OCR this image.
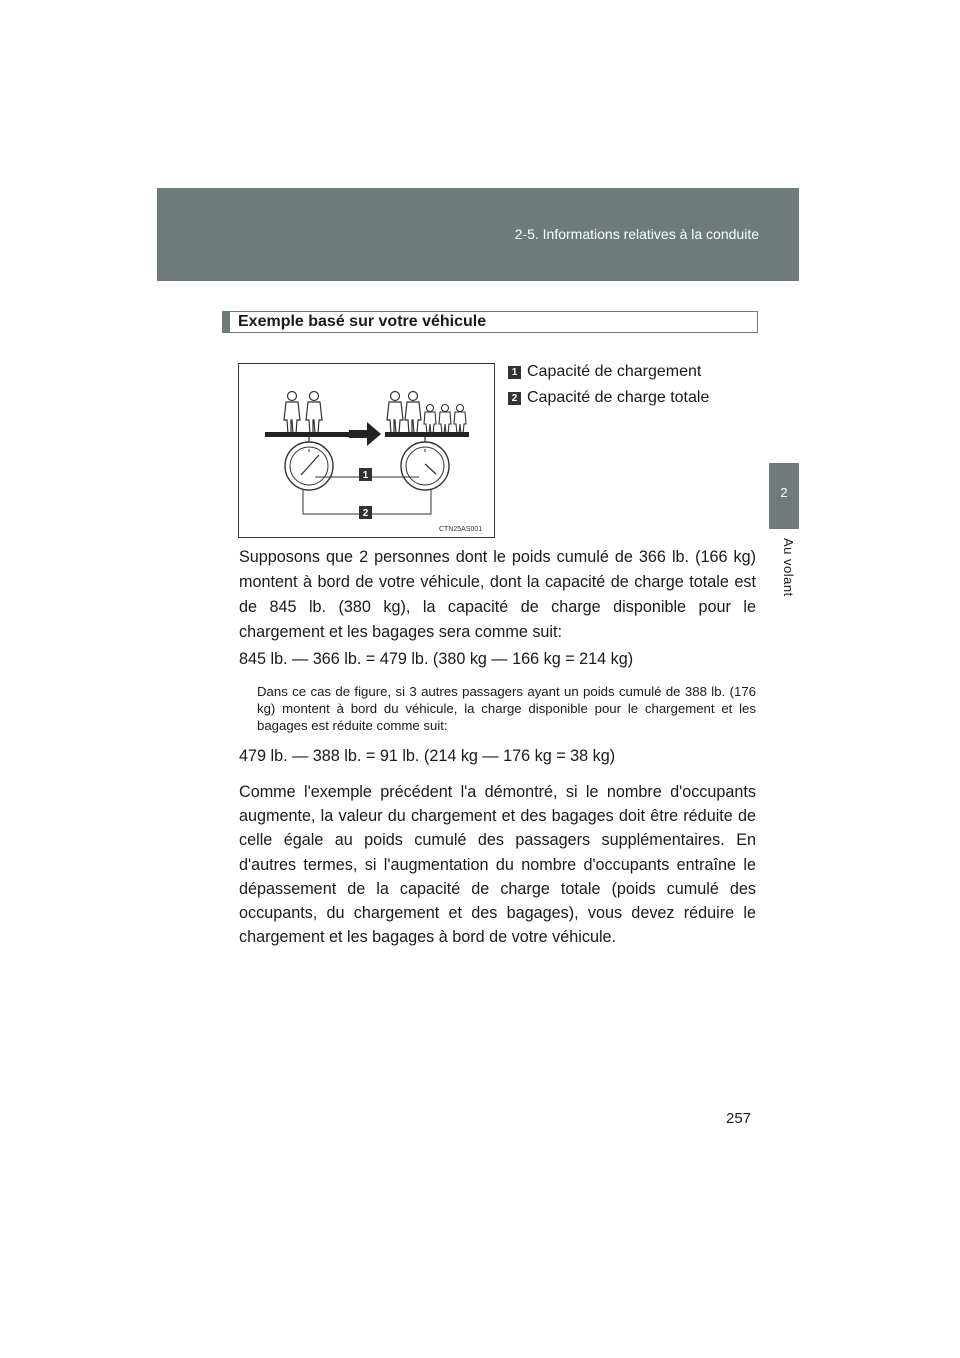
2-5. Informations relatives à la conduite
2
Au volant
Exemple basé sur votre véhicule
1
2
CTN25AS001
1 Capacité de chargement
2 Capacité de charge totale
Supposons que 2 personnes dont le poids cumulé de 366 lb. (166 kg) montent à bord de votre véhicule, dont la capacité de charge totale est de 845 lb. (380 kg), la capacité de charge disponible pour le chargement et les bagages sera comme suit:
845 lb. — 366 lb. = 479 lb. (380 kg — 166 kg = 214 kg)
Dans ce cas de figure, si 3 autres passagers ayant un poids cumulé de 388 lb. (176 kg) montent à bord du véhicule, la charge disponible pour le chargement et les bagages est réduite comme suit:
479 lb. — 388 lb. = 91 lb. (214 kg — 176 kg = 38 kg)
Comme l'exemple précédent l'a démontré, si le nombre d'occupants augmente, la valeur du chargement et des bagages doit être réduite de celle égale au poids cumulé des passagers supplémentaires. En d'autres termes, si l'augmentation du nombre d'occupants entraîne le dépassement de la capacité de charge totale (poids cumulé des occupants, du chargement et des bagages), vous devez réduire le chargement et les bagages à bord de votre véhicule.
257
